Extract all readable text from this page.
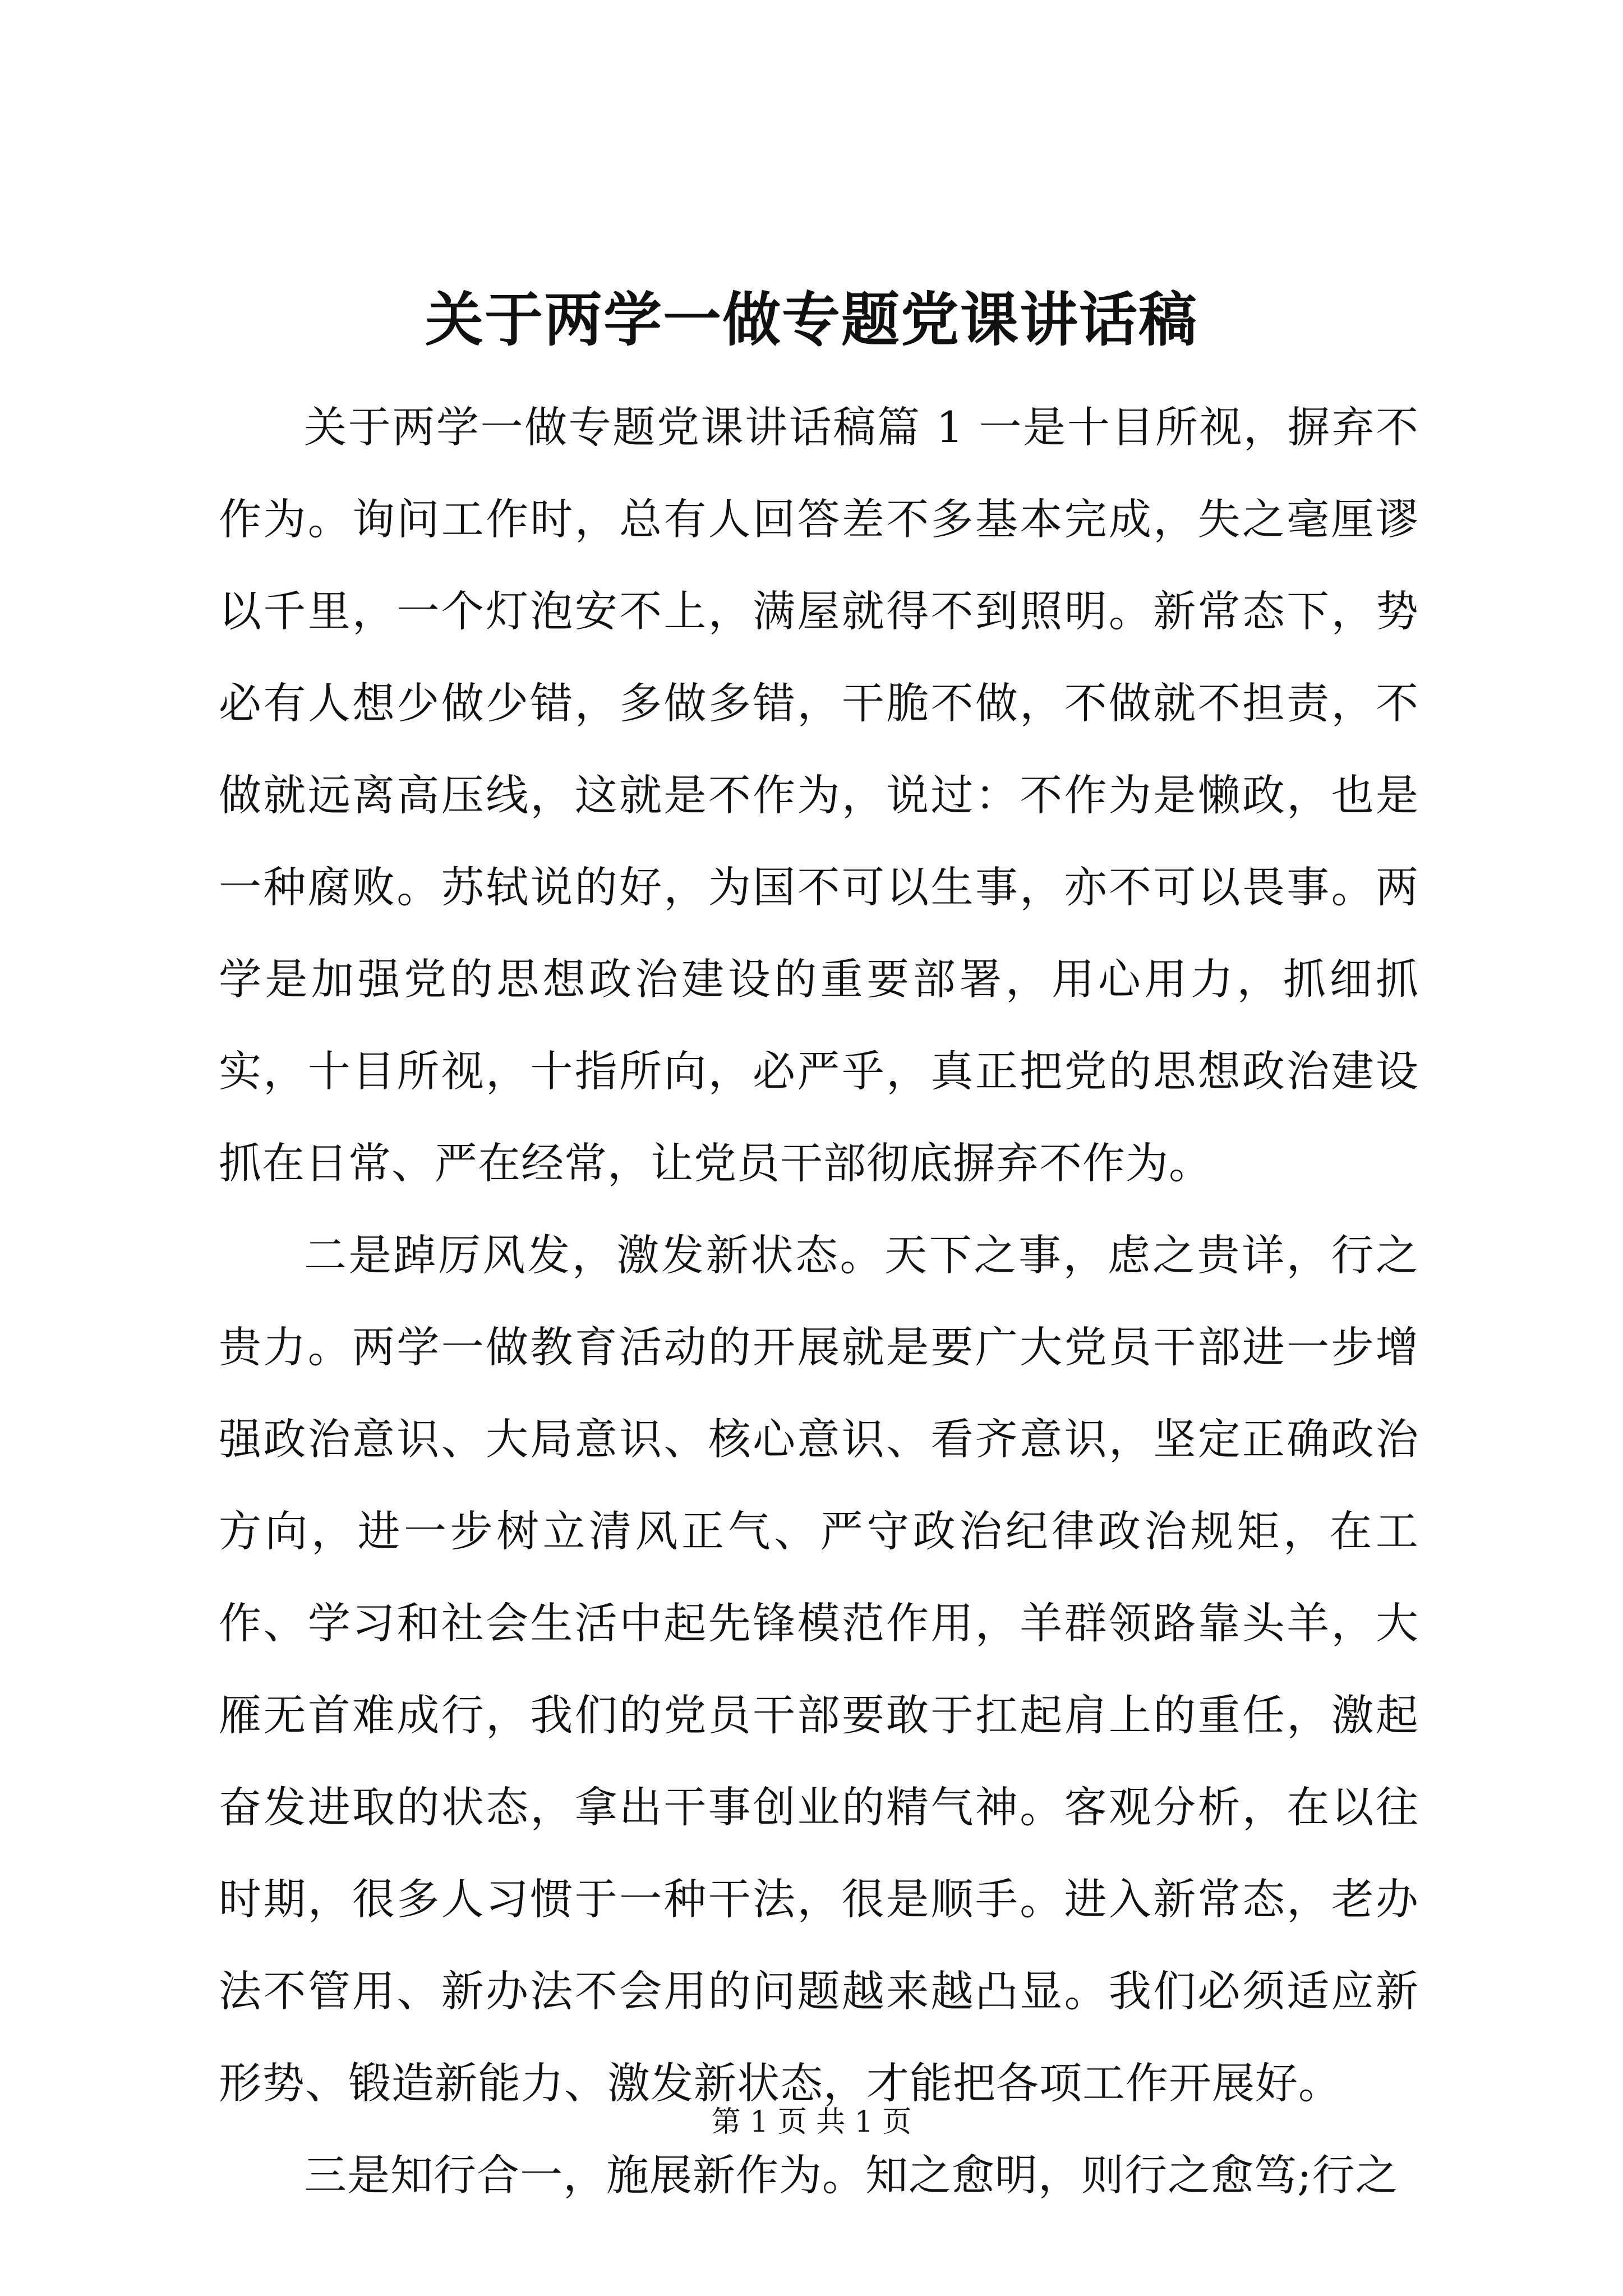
关于两学一做专题党课讲话稿

关于两学一做专题党课讲话稿篇 1 一是十目所视，摒弃不作为。询问工作时，总有人回答差不多基本完成，失之毫厘谬以千里，一个灯泡安不上，满屋就得不到照明。新常态下，势必有人想少做少错，多做多错，干脆不做，不做就不担责，不做就远离高压线，这就是不作为，说过：不作为是懒政，也是一种腐败。苏轼说的好，为国不可以生事，亦不可以畏事。两学是加强党的思想政治建设的重要部署，用心用力，抓细抓实，十目所视，十指所向，必严乎，真正把党的思想政治建设抓在日常、严在经常，让党员干部彻底摒弃不作为。

二是踔厉风发，激发新状态。天下之事，虑之贵详，行之贵力。两学一做教育活动的开展就是要广大党员干部进一步增强政治意识、大局意识、核心意识、看齐意识，坚定正确政治方向，进一步树立清风正气、严守政治纪律政治规矩，在工作、学习和社会生活中起先锋模范作用，羊群领路靠头羊，大雁无首难成行，我们的党员干部要敢于扛起肩上的重任，激起奋发进取的状态，拿出干事创业的精气神。客观分析，在以往时期，很多人习惯于一种干法，很是顺手。进入新常态，老办法不管用、新办法不会用的问题越来越凸显。我们必须适应新形势、锻造新能力、激发新状态，才能把各项工作开展好。

三是知行合一，施展新作为。知之愈明，则行之愈笃;行之

第 1 页 共 1 页
